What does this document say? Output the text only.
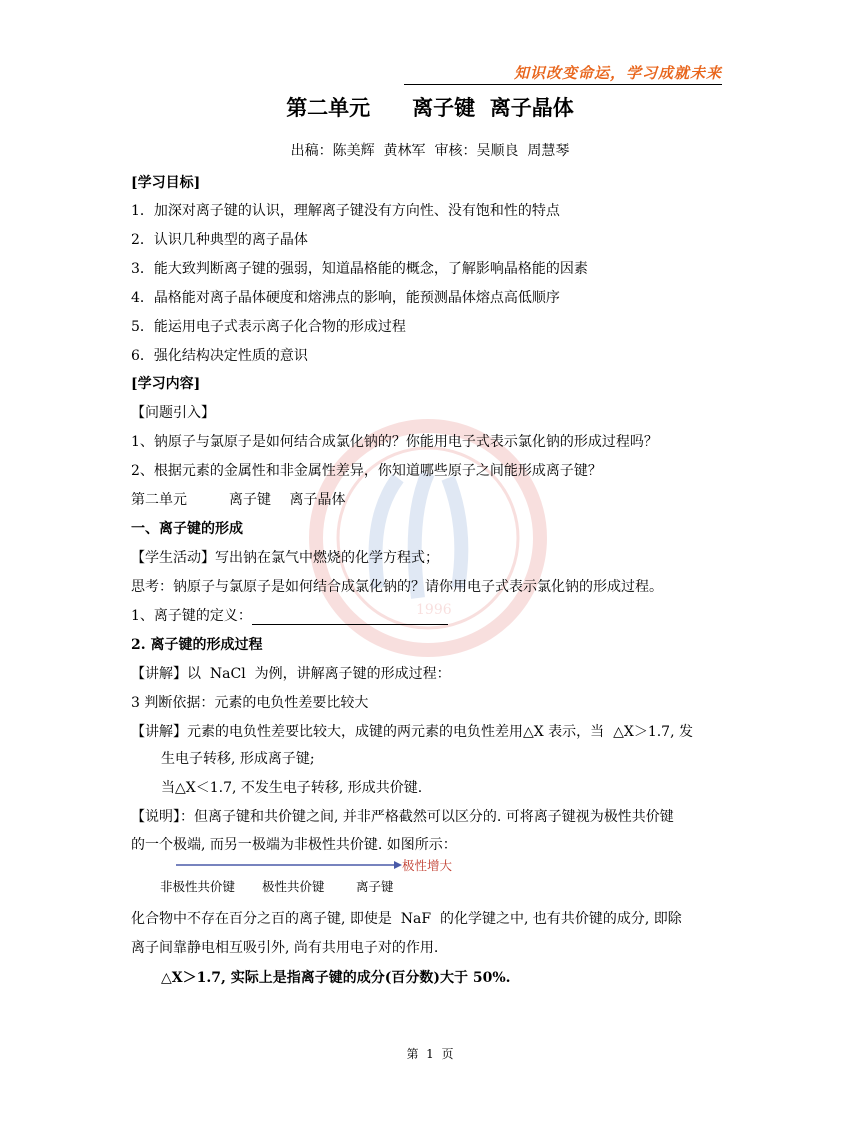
1996
知识改变命运，学习成就未来
第二单元　　离子键  离子晶体
出稿：陈美辉  黄林军  审核：吴顺良  周慧琴
[学习目标]
1．加深对离子键的认识，理解离子键没有方向性、没有饱和性的特点
2．认识几种典型的离子晶体
3．能大致判断离子键的强弱，知道晶格能的概念，了解影响晶格能的因素
4．晶格能对离子晶体硬度和熔沸点的影响，能预测晶体熔点高低顺序
5．能运用电子式表示离子化合物的形成过程
6．强化结构决定性质的意识
[学习内容]
【问题引入】
1、钠原子与氯原子是如何结合成氯化钠的？你能用电子式表示氯化钠的形成过程吗？
2、根据元素的金属性和非金属性差异，你知道哪些原子之间能形成离子键？
第二单元　　　离子键　 离子晶体
一、离子键的形成
【学生活动】写出钠在氯气中燃烧的化学方程式；
思考：钠原子与氯原子是如何结合成氯化钠的？请你用电子式表示氯化钠的形成过程。
1、离子键的定义：
2. 离子键的形成过程
【讲解】以  NaCl  为例，讲解离子键的形成过程：
3 判断依据：元素的电负性差要比较大
【讲解】元素的电负性差要比较大，成键的两元素的电负性差用△X 表示，当  △X＞1.7, 发
生电子转移, 形成离子键;
当△X＜1.7, 不发生电子转移, 形成共价键.
【说明】：但离子键和共价键之间, 并非严格截然可以区分的. 可将离子键视为极性共价键
的一个极端, 而另一极端为非极性共价键. 如图所示：
极性增大
非极性共价键 极性共价键	离子键
化合物中不存在百分之百的离子键, 即使是  NaF  的化学键之中, 也有共价键的成分, 即除
离子间靠静电相互吸引外, 尚有共用电子对的作用.
△X＞1.7, 实际上是指离子键的成分(百分数)大于 50%.
第  1  页
